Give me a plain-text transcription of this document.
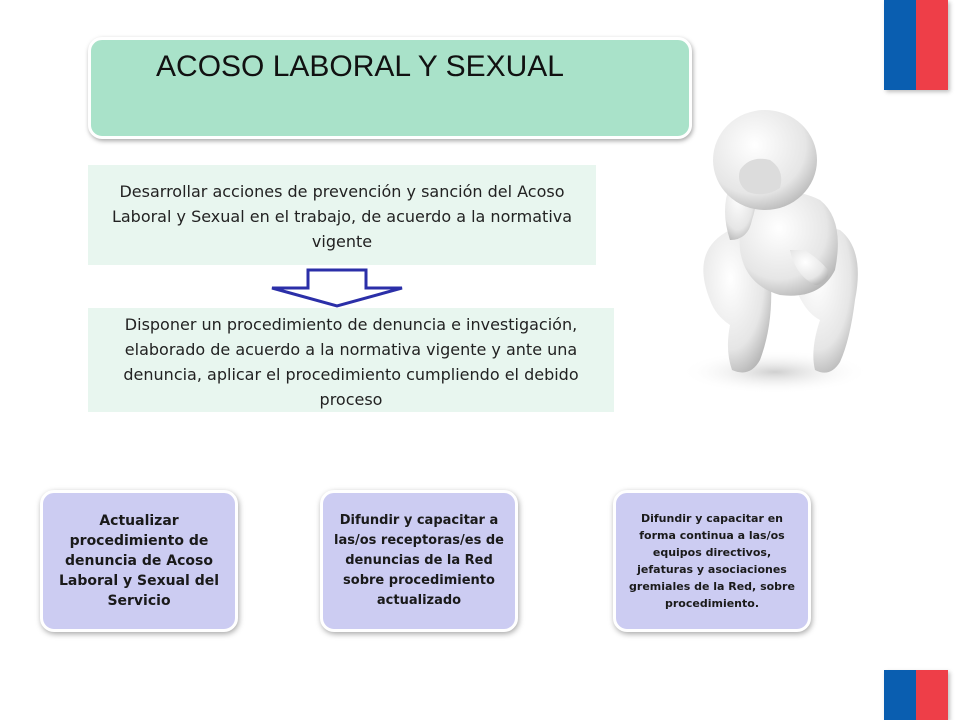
ACOSO LABORAL Y SEXUAL
Desarrollar acciones de prevención y sanción del Acoso Laboral y Sexual en el trabajo, de acuerdo a la normativa vigente
Disponer un procedimiento de denuncia e investigación, elaborado de acuerdo a la normativa vigente y ante una denuncia, aplicar el procedimiento cumpliendo el debido proceso
Actualizar procedimiento de denuncia de Acoso Laboral y Sexual del Servicio
Difundir y capacitar a las/os receptoras/es de denuncias de la Red sobre procedimiento actualizado
Difundir y capacitar en forma continua a las/os equipos directivos, jefaturas y asociaciones gremiales de la Red, sobre procedimiento.
